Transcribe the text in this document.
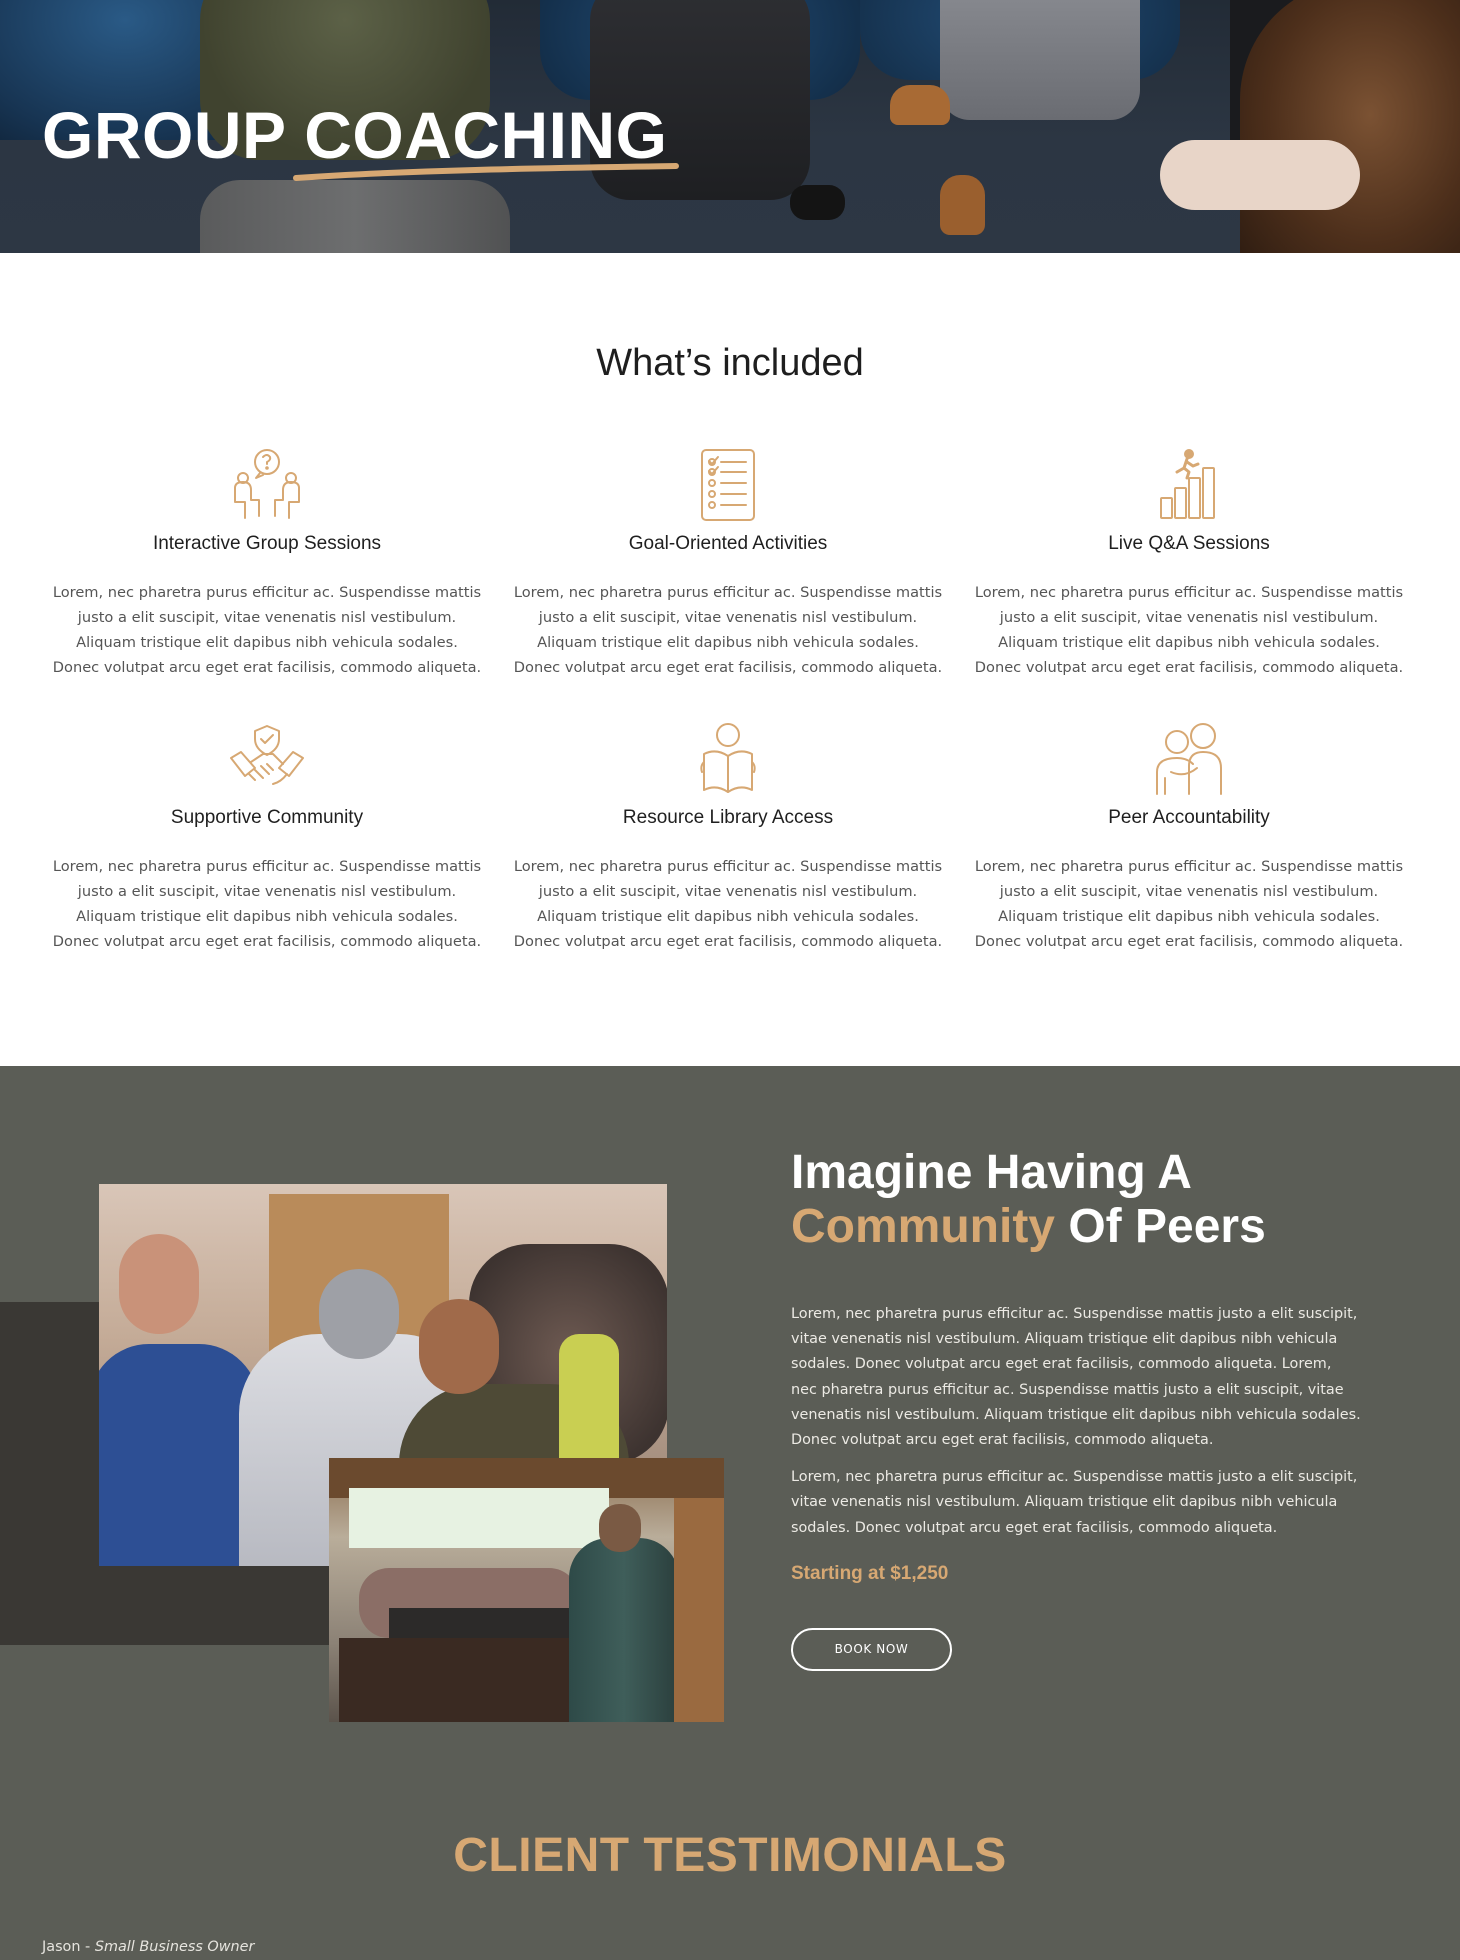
GROUP COACHING
What’s included
Interactive Group Sessions

Lorem, nec pharetra purus efficitur ac. Suspendisse mattis justo a elit suscipit, vitae venenatis nisl vestibulum. Aliquam tristique elit dapibus nibh vehicula sodales. Donec volutpat arcu eget erat facilisis, commodo aliqueta.

Goal-Oriented Activities

Lorem, nec pharetra purus efficitur ac. Suspendisse mattis justo a elit suscipit, vitae venenatis nisl vestibulum. Aliquam tristique elit dapibus nibh vehicula sodales. Donec volutpat arcu eget erat facilisis, commodo aliqueta.

Live Q&A Sessions

Lorem, nec pharetra purus efficitur ac. Suspendisse mattis justo a elit suscipit, vitae venenatis nisl vestibulum. Aliquam tristique elit dapibus nibh vehicula sodales. Donec volutpat arcu eget erat facilisis, commodo aliqueta.

Supportive Community

Lorem, nec pharetra purus efficitur ac. Suspendisse mattis justo a elit suscipit, vitae venenatis nisl vestibulum. Aliquam tristique elit dapibus nibh vehicula sodales. Donec volutpat arcu eget erat facilisis, commodo aliqueta.

Resource Library Access

Lorem, nec pharetra purus efficitur ac. Suspendisse mattis justo a elit suscipit, vitae venenatis nisl vestibulum. Aliquam tristique elit dapibus nibh vehicula sodales. Donec volutpat arcu eget erat facilisis, commodo aliqueta.

Peer Accountability

Lorem, nec pharetra purus efficitur ac. Suspendisse mattis justo a elit suscipit, vitae venenatis nisl vestibulum. Aliquam tristique elit dapibus nibh vehicula sodales. Donec volutpat arcu eget erat facilisis, commodo aliqueta.

Imagine Having A
Community Of Peers

Lorem, nec pharetra purus efficitur ac. Suspendisse mattis justo a elit suscipit, vitae venenatis nisl vestibulum. Aliquam tristique elit dapibus nibh vehicula sodales. Donec volutpat arcu eget erat facilisis, commodo aliqueta. Lorem, nec pharetra purus efficitur ac. Suspendisse mattis justo a elit suscipit, vitae venenatis nisl vestibulum. Aliquam tristique elit dapibus nibh vehicula sodales. Donec volutpat arcu eget erat facilisis, commodo aliqueta.

Lorem, nec pharetra purus efficitur ac. Suspendisse mattis justo a elit suscipit, vitae venenatis nisl vestibulum. Aliquam tristique elit dapibus nibh vehicula sodales. Donec volutpat arcu eget erat facilisis, commodo aliqueta.

Starting at $1,250
BOOK NOW
CLIENT TESTIMONIALS
Jason - Small Business Owner
